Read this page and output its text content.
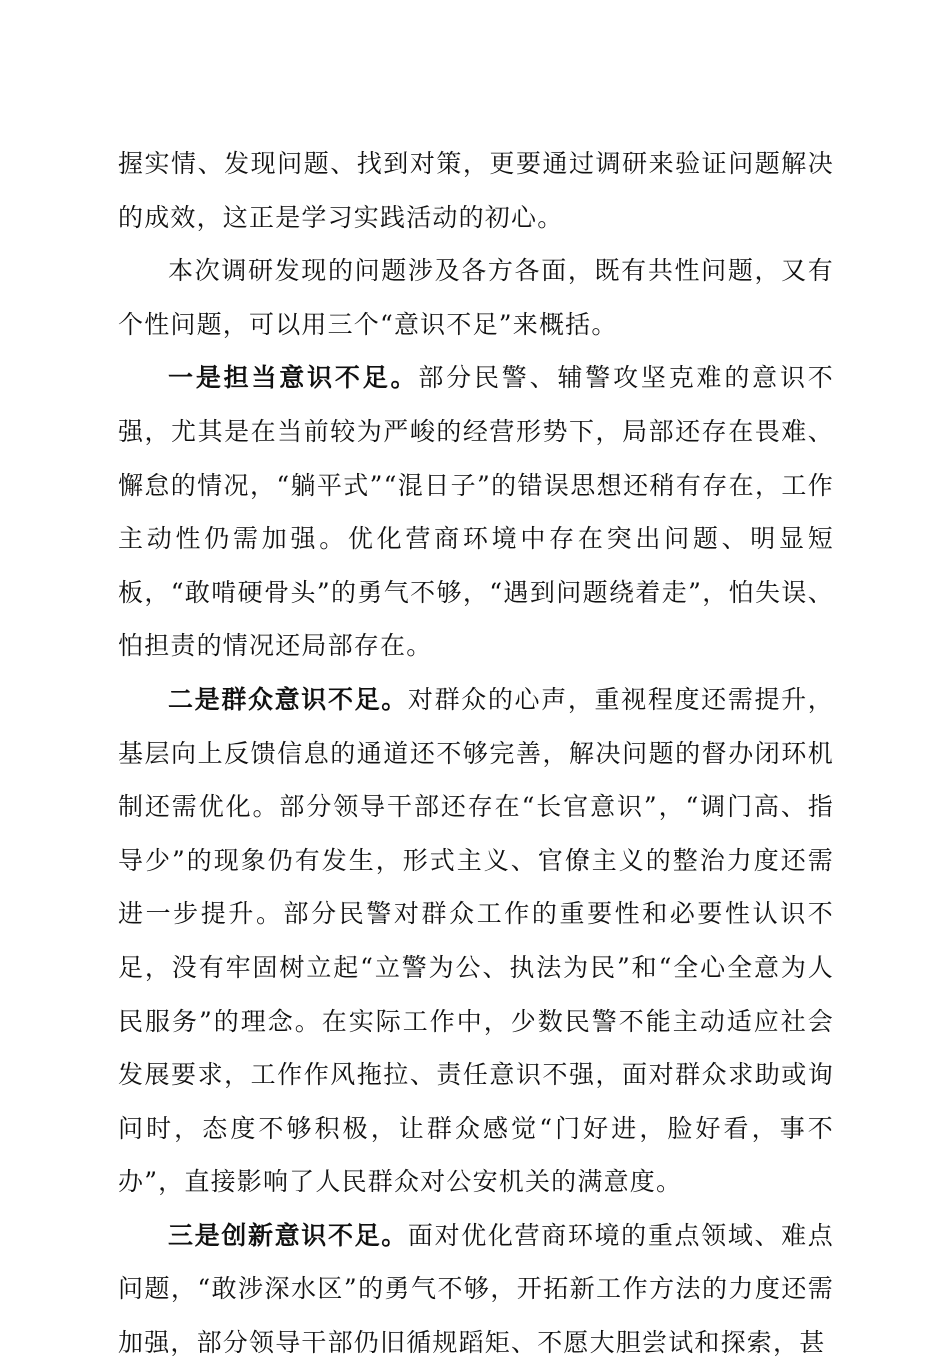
握实情、发现问题、找到对策，更要通过调研来验证问题解决的成效，这正是学习实践活动的初心。

本次调研发现的问题涉及各方各面，既有共性问题，又有个性问题，可以用三个“意识不足”来概括。

一是担当意识不足。部分民警、辅警攻坚克难的意识不强，尤其是在当前较为严峻的经营形势下，局部还存在畏难、懈怠的情况，“躺平式”“混日子”的错误思想还稍有存在，工作主动性仍需加强。优化营商环境中存在突出问题、明显短板，“敢啃硬骨头”的勇气不够，“遇到问题绕着走”，怕失误、怕担责的情况还局部存在。

二是群众意识不足。对群众的心声，重视程度还需提升，基层向上反馈信息的通道还不够完善，解决问题的督办闭环机制还需优化。部分领导干部还存在“长官意识”，“调门高、指导少”的现象仍有发生，形式主义、官僚主义的整治力度还需进一步提升。部分民警对群众工作的重要性和必要性认识不足，没有牢固树立起“立警为公、执法为民”和“全心全意为人民服务”的理念。在实际工作中，少数民警不能主动适应社会发展要求，工作作风拖拉、责任意识不强，面对群众求助或询问时，态度不够积极，让群众感觉“门好进，脸好看，事不办”，直接影响了人民群众对公安机关的满意度。

三是创新意识不足。面对优化营商环境的重点领域、难点问题，“敢涉深水区”的勇气不够，开拓新工作方法的力度还需加强，部分领导干部仍旧循规蹈矩、不愿大胆尝试和探索，甚
